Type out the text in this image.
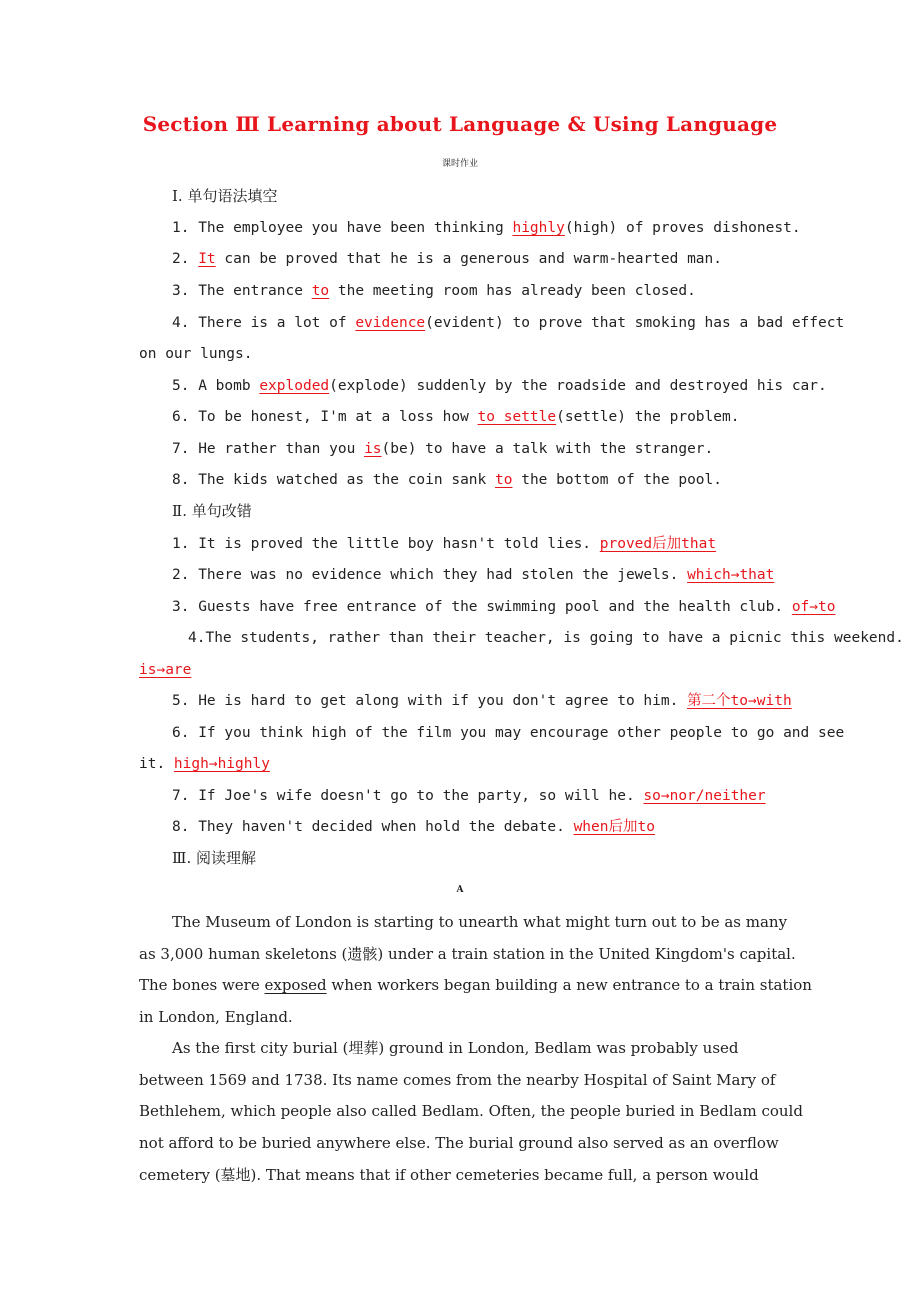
Section Ⅲ Learning about Language & Using Language
课时作业
Ⅰ. 单句语法填空
1. The employee you have been thinking highly(high) of proves dishonest.
2. It can be proved that he is a generous and warm-hearted man.
3. The entrance to the meeting room has already been closed.
4. There is a lot of evidence(evident) to prove that smoking has a bad effect
on our lungs.
5. A bomb exploded(explode) suddenly by the roadside and destroyed his car.
6. To be honest, I'm at a loss how to settle(settle) the problem.
7. He rather than you is(be) to have a talk with the stranger.
8. The kids watched as the coin sank to the bottom of the pool.
Ⅱ. 单句改错
1. It is proved the little boy hasn't told lies. proved后加that
2. There was no evidence which they had stolen the jewels. which→that
3. Guests have free entrance of the swimming pool and the health club. of→to
4.The students, rather than their teacher, is going to have a picnic this weekend.
is→are
5. He is hard to get along with if you don't agree to him. 第二个to→with
6. If you think high of the film you may encourage other people to go and see
it. high→highly
7. If Joe's wife doesn't go to the party, so will he. so→nor/neither
8. They haven't decided when hold the debate. when后加to
Ⅲ. 阅读理解
A
The Museum of London is starting to unearth what might turn out to be as many
as 3,000 human skeletons (遗骸) under a train station in the United Kingdom's capital.
The bones were exposed when workers began building a new entrance to a train station
in London, England.
As the first city burial (埋葬) ground in London, Bedlam was probably used
between 1569 and 1738. Its name comes from the nearby Hospital of Saint Mary of
Bethlehem, which people also called Bedlam. Often, the people buried in Bedlam could
not afford to be buried anywhere else. The burial ground also served as an overflow
cemetery (墓地). That means that if other cemeteries became full, a person would
